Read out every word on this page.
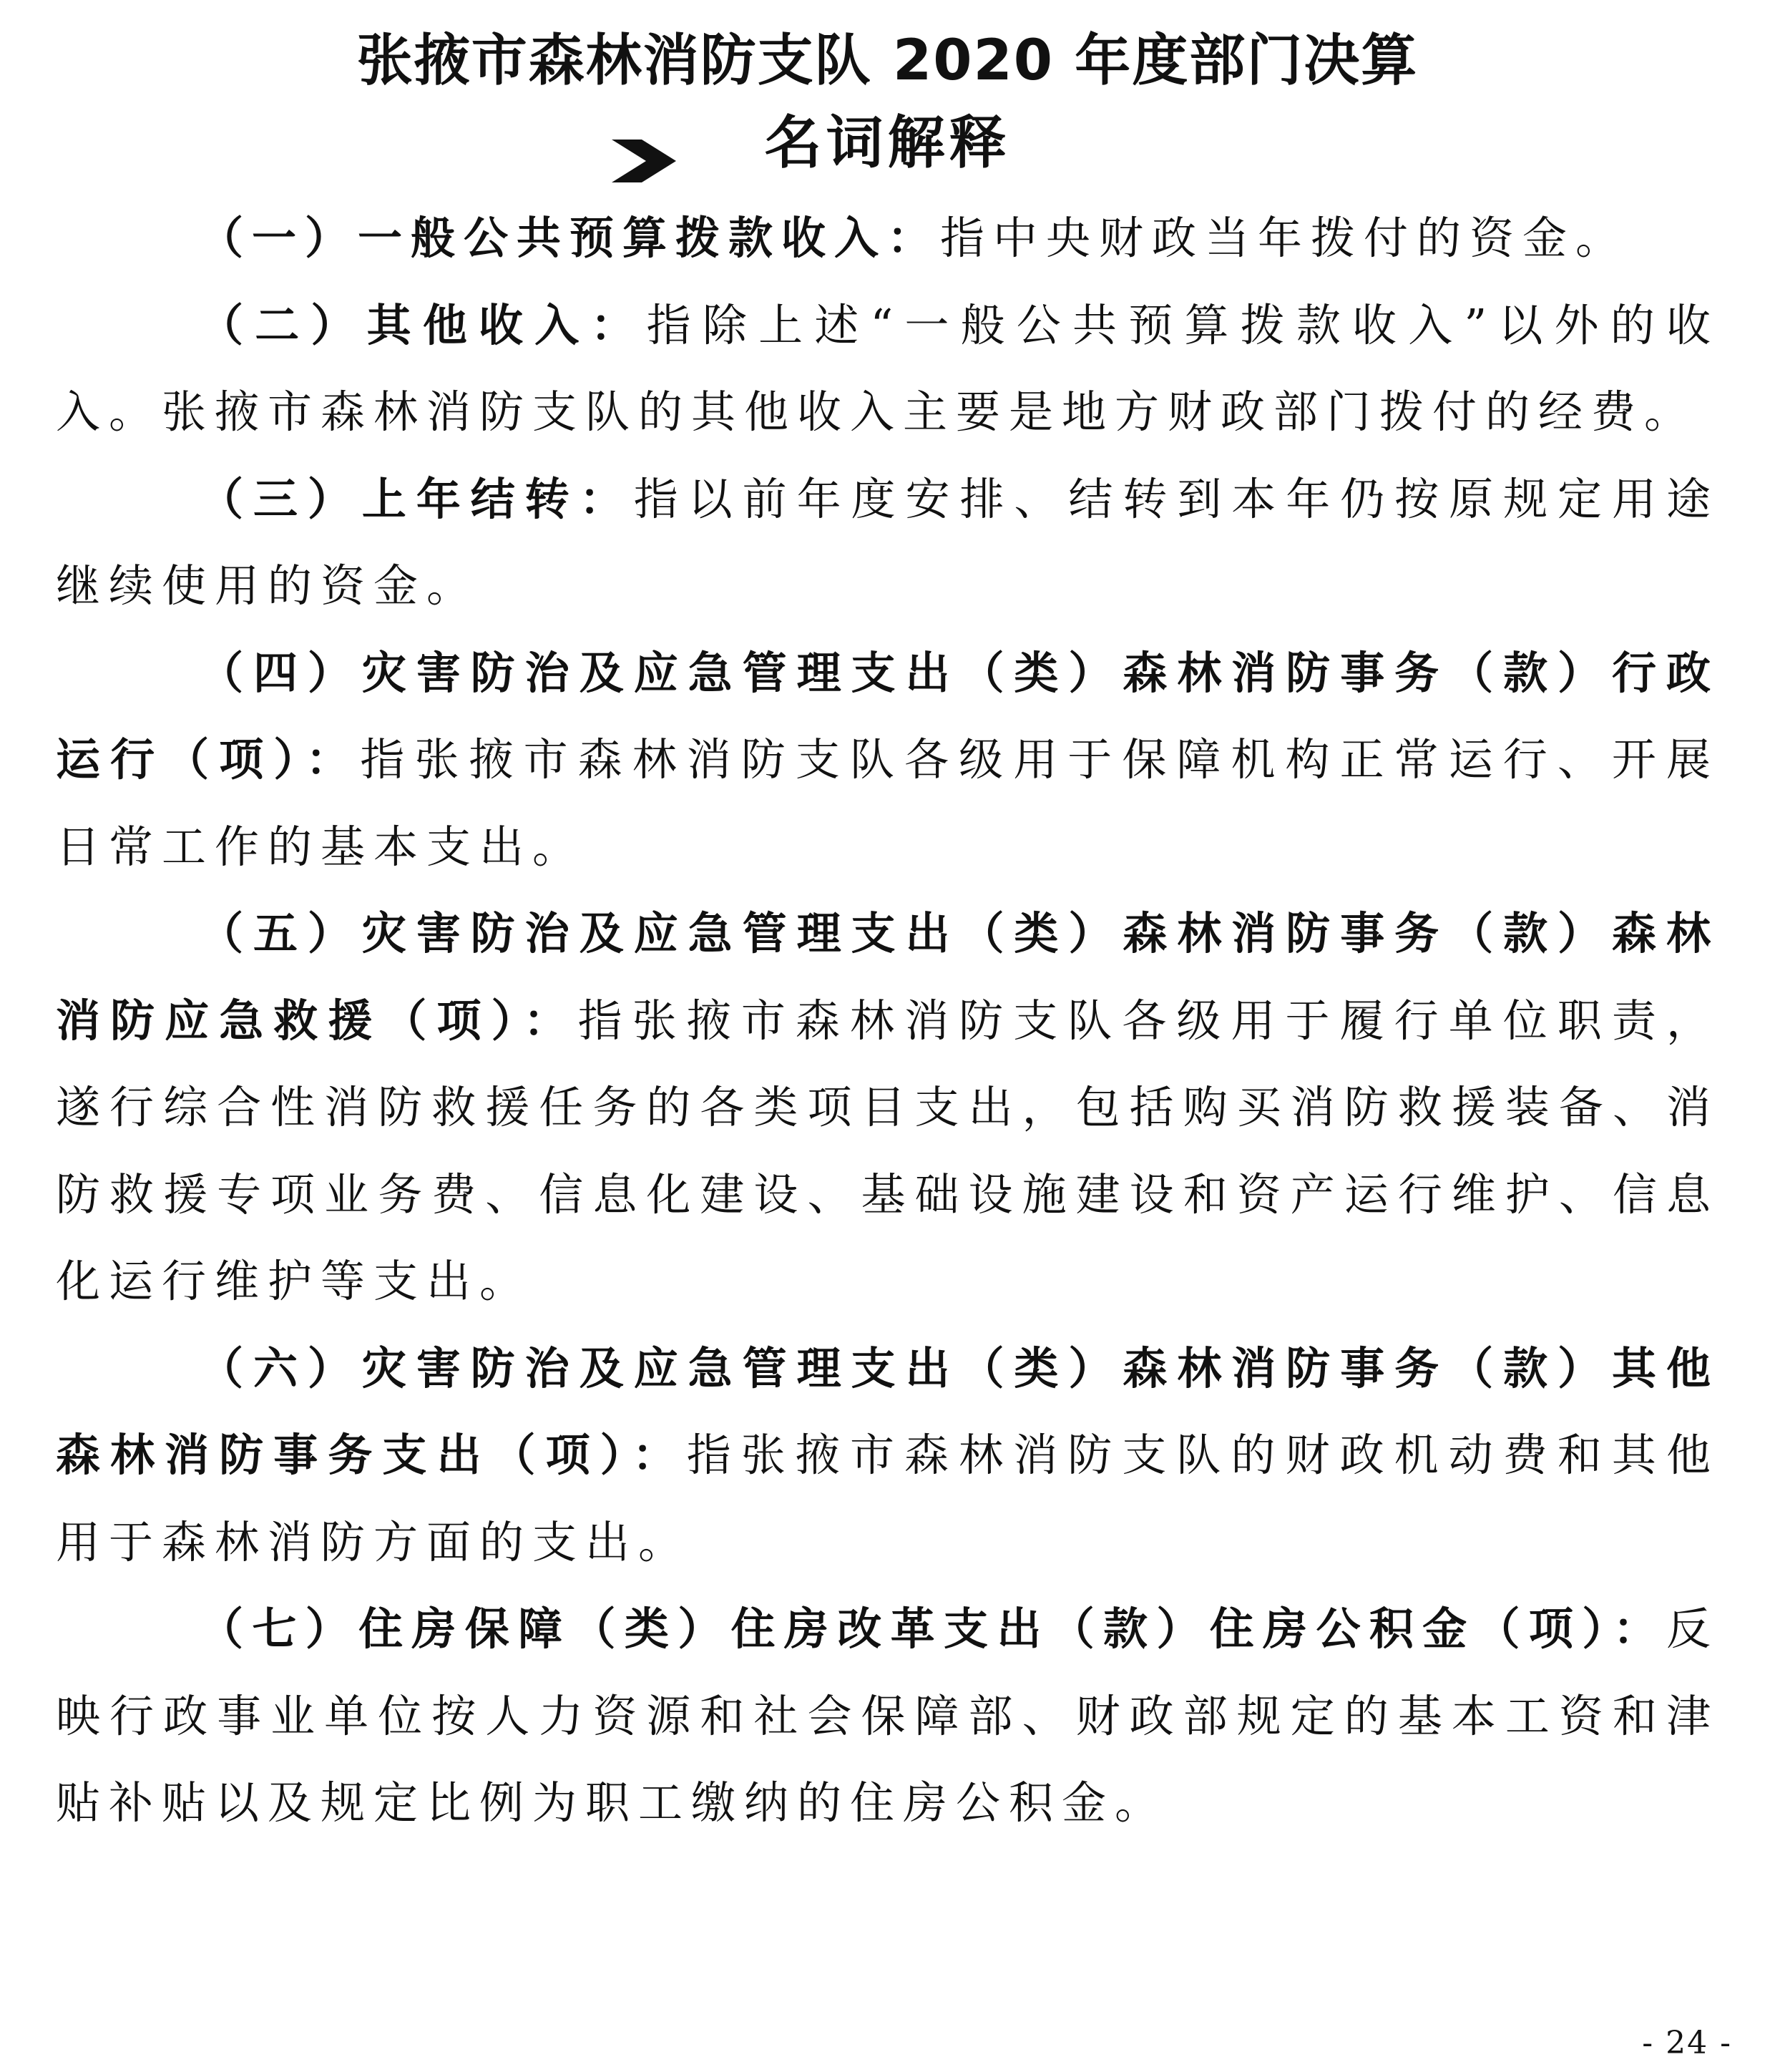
张掖市森林消防支队 2020 年度部门决算
名词解释

（一）一般公共预算拨款收入：指中央财政当年拨付的资金。

（二）其他收入：指除上述“一般公共预算拨款收入”以外的收入。张掖市森林消防支队的其他收入主要是地方财政部门拨付的经费。

（三）上年结转：指以前年度安排、结转到本年仍按原规定用途继续使用的资金。

（四）灾害防治及应急管理支出（类）森林消防事务（款）行政运行（项）：指张掖市森林消防支队各级用于保障机构正常运行、开展日常工作的基本支出。

（五）灾害防治及应急管理支出（类）森林消防事务（款）森林消防应急救援（项）：指张掖市森林消防支队各级用于履行单位职责，遂行综合性消防救援任务的各类项目支出，包括购买消防救援装备、消防救援专项业务费、信息化建设、基础设施建设和资产运行维护、信息化运行维护等支出。

（六）灾害防治及应急管理支出（类）森林消防事务（款）其他森林消防事务支出（项）：指张掖市森林消防支队的财政机动费和其他用于森林消防方面的支出。

（七）住房保障（类）住房改革支出（款）住房公积金（项）：反映行政事业单位按人力资源和社会保障部、财政部规定的基本工资和津贴补贴以及规定比例为职工缴纳的住房公积金。

- 24 -
